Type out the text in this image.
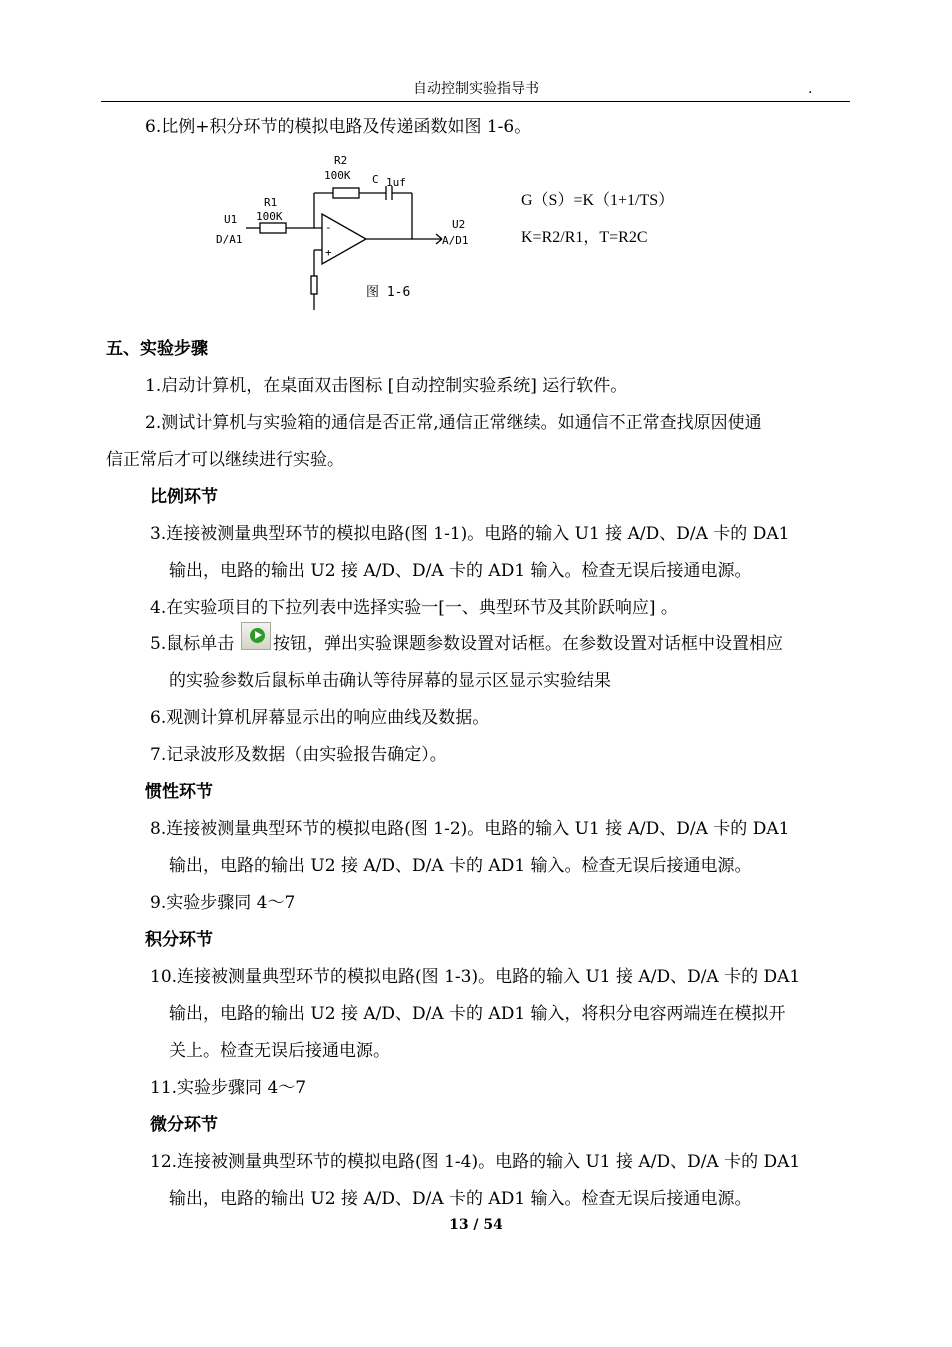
自动控制实验指导书	.
6.比例+积分环节的模拟电路及传递函数如图 1-6。
R2
100K C 1uf
R1
100K
U1
D/A1
U2
A/D1
-
+
图 1-6
G（S）=K（1+1/TS）
K=R2/R1，T=R2C
五、实验步骤
1.启动计算机，在桌面双击图标 [自动控制实验系统] 运行软件。
2.测试计算机与实验箱的通信是否正常,通信正常继续。如通信不正常查找原因使通
信正常后才可以继续进行实验。
比例环节
3.连接被测量典型环节的模拟电路(图 1-1)。电路的输入 U1 接 A/D、D/A 卡的 DA1
输出，电路的输出 U2 接 A/D、D/A 卡的 AD1 输入。检查无误后接通电源。
4.在实验项目的下拉列表中选择实验一[一、典型环节及其阶跃响应] 。
5.鼠标单击 按钮，弹出实验课题参数设置对话框。在参数设置对话框中设置相应
的实验参数后鼠标单击确认等待屏幕的显示区显示实验结果
6.观测计算机屏幕显示出的响应曲线及数据。
7.记录波形及数据（由实验报告确定）。
惯性环节
8.连接被测量典型环节的模拟电路(图 1-2)。电路的输入 U1 接 A/D、D/A 卡的 DA1
输出，电路的输出 U2 接 A/D、D/A 卡的 AD1 输入。检查无误后接通电源。
9.实验步骤同 4～7
积分环节
10.连接被测量典型环节的模拟电路(图 1-3)。电路的输入 U1 接 A/D、D/A 卡的 DA1
输出，电路的输出 U2 接 A/D、D/A 卡的 AD1 输入，将积分电容两端连在模拟开
关上。检查无误后接通电源。
11.实验步骤同 4～7
微分环节
12.连接被测量典型环节的模拟电路(图 1-4)。电路的输入 U1 接 A/D、D/A 卡的 DA1
输出，电路的输出 U2 接 A/D、D/A 卡的 AD1 输入。检查无误后接通电源。
13 / 54
